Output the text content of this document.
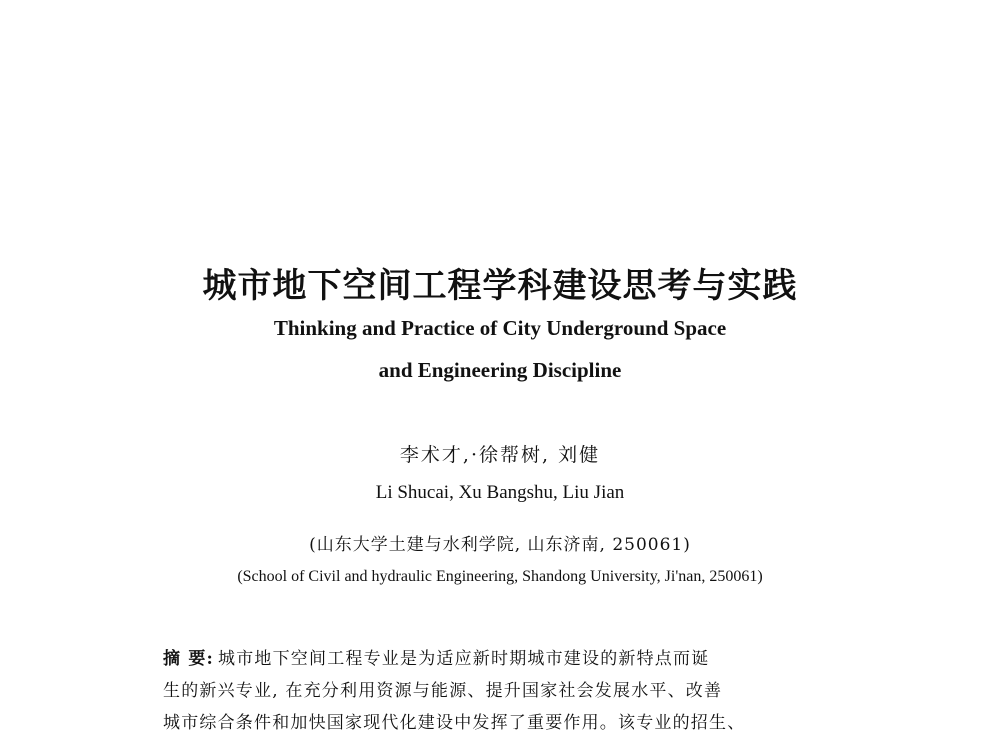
城市地下空间工程学科建设思考与实践
Thinking and Practice of City Underground Space
and Engineering Discipline
李术才,·徐帮树, 刘健
Li Shucai, Xu Bangshu, Liu Jian
(山东大学土建与水利学院, 山东济南, 250061)
(School of Civil and hydraulic Engineering, Shandong University, Ji'nan, 250061)
摘 要: 城市地下空间工程专业是为适应新时期城市建设的新特点而诞
生的新兴专业, 在充分利用资源与能源、提升国家社会发展水平、改善
城市综合条件和加快国家现代化建设中发挥了重要作用。该专业的招生、
